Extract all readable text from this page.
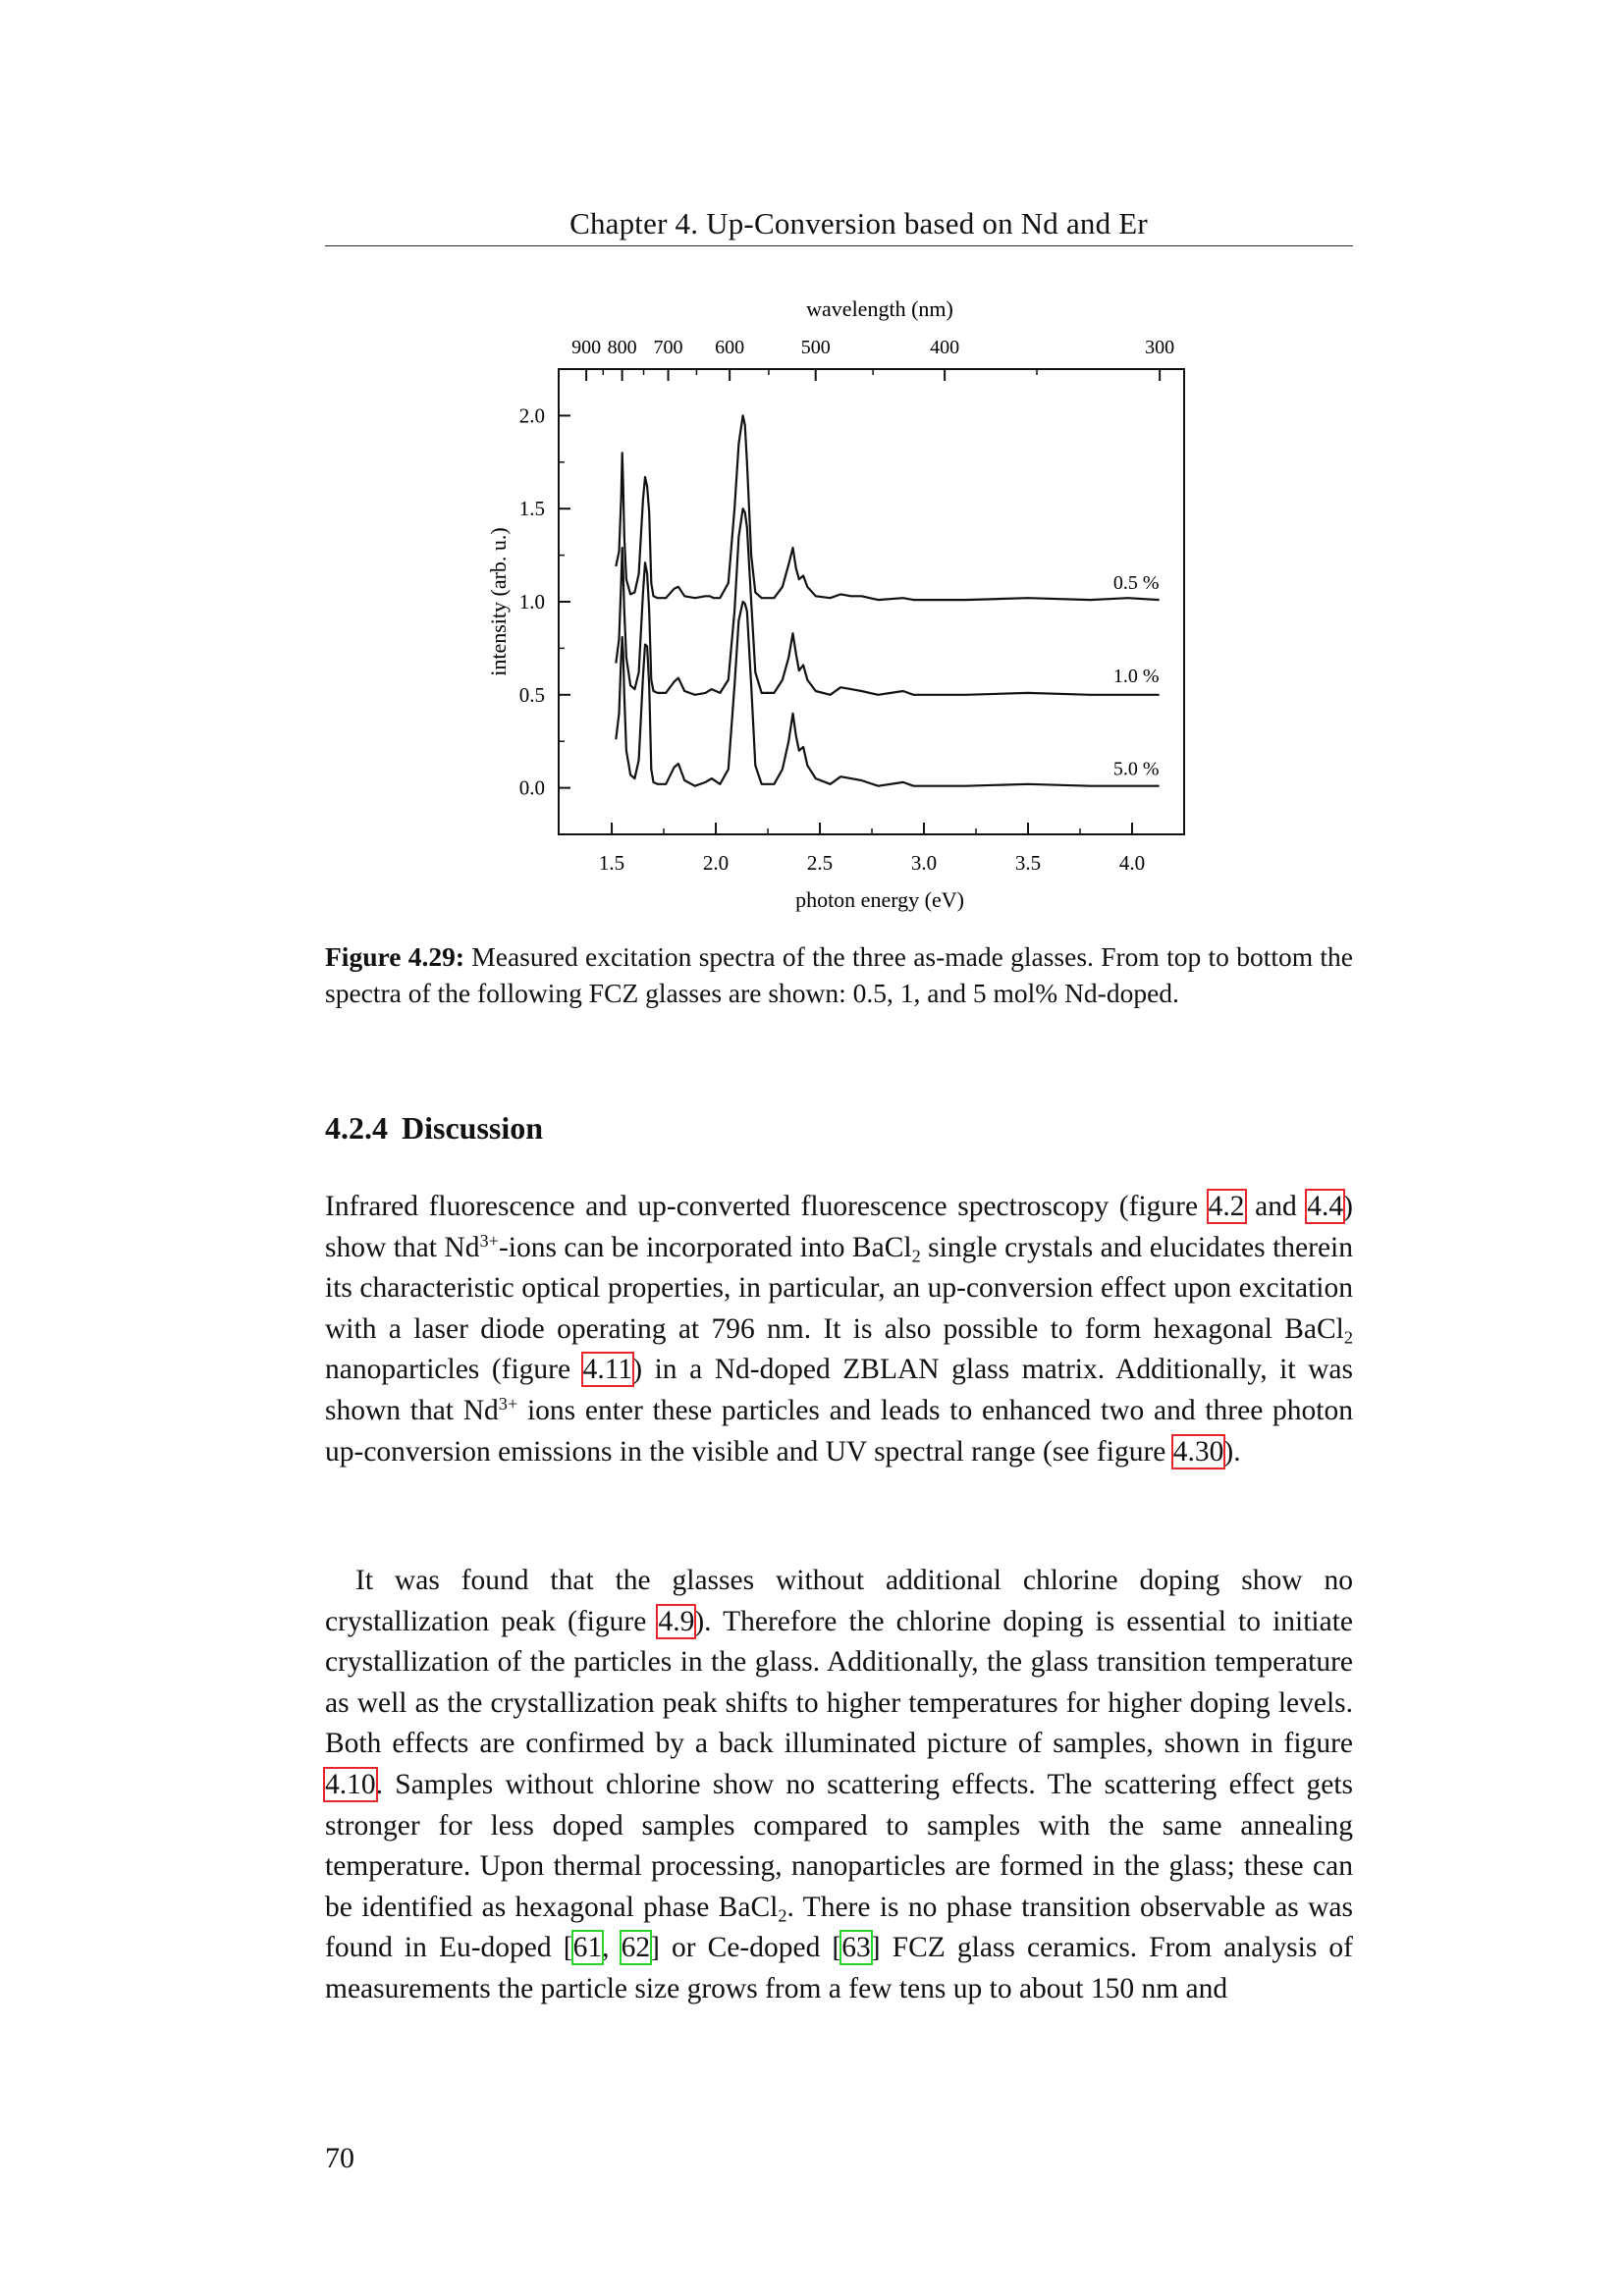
Chapter 4. Up-Conversion based on Nd and Er
900 800 700 600	500	400	300
1.5	2.0	2.5	3.0	3.5	4.0
0.0
0.5
1.0
1.5
2.0
0.5 %
1.0 %
5.0 %
wavelength (nm)
photon energy (eV)
intensity (arb. u.)
Figure 4.29: Measured excitation spectra of the three as-made glasses. From top to bottom the spectra of the following FCZ glasses are shown: 0.5, 1, and 5 mol% Nd-doped.
4.2.4 Discussion
Infrared fluorescence and up-converted fluorescence spectroscopy (figure 4.2 and 4.4) show that $Nd^{3+}$-ions can be incorporated into BaCl$_2$ single crystals and elucidates therein its characteristic optical properties, in particular, an up-conversion effect upon excitation with a laser diode operating at 796 nm. It is also possible to form hexagonal BaCl$_2$ nanoparticles (figure 4.11) in a Nd-doped ZBLAN glass matrix. Additionally, it was shown that $Nd^{3+}$ ions enter these particles and leads to enhanced two and three photon up-conversion emissions in the visible and UV spectral range (see figure 4.30).
It was found that the glasses without additional chlorine doping show no crystallization peak (figure 4.9). Therefore the chlorine doping is essential to initiate crystallization of the particles in the glass. Additionally, the glass transition temperature as well as the crystallization peak shifts to higher temperatures for higher doping levels. Both effects are confirmed by a back illuminated picture of samples, shown in figure 4.10. Samples without chlorine show no scattering effects. The scattering effect gets stronger for less doped samples compared to samples with the same annealing temperature. Upon thermal processing, nanoparticles are formed in the glass; these can be identified as hexagonal phase BaCl$_2$. There is no phase transition observable as was found in Eu-doped [61, 62] or Ce-doped [63] FCZ glass ceramics. From analysis of measurements the particle size grows from a few tens up to about 150 nm and
70
